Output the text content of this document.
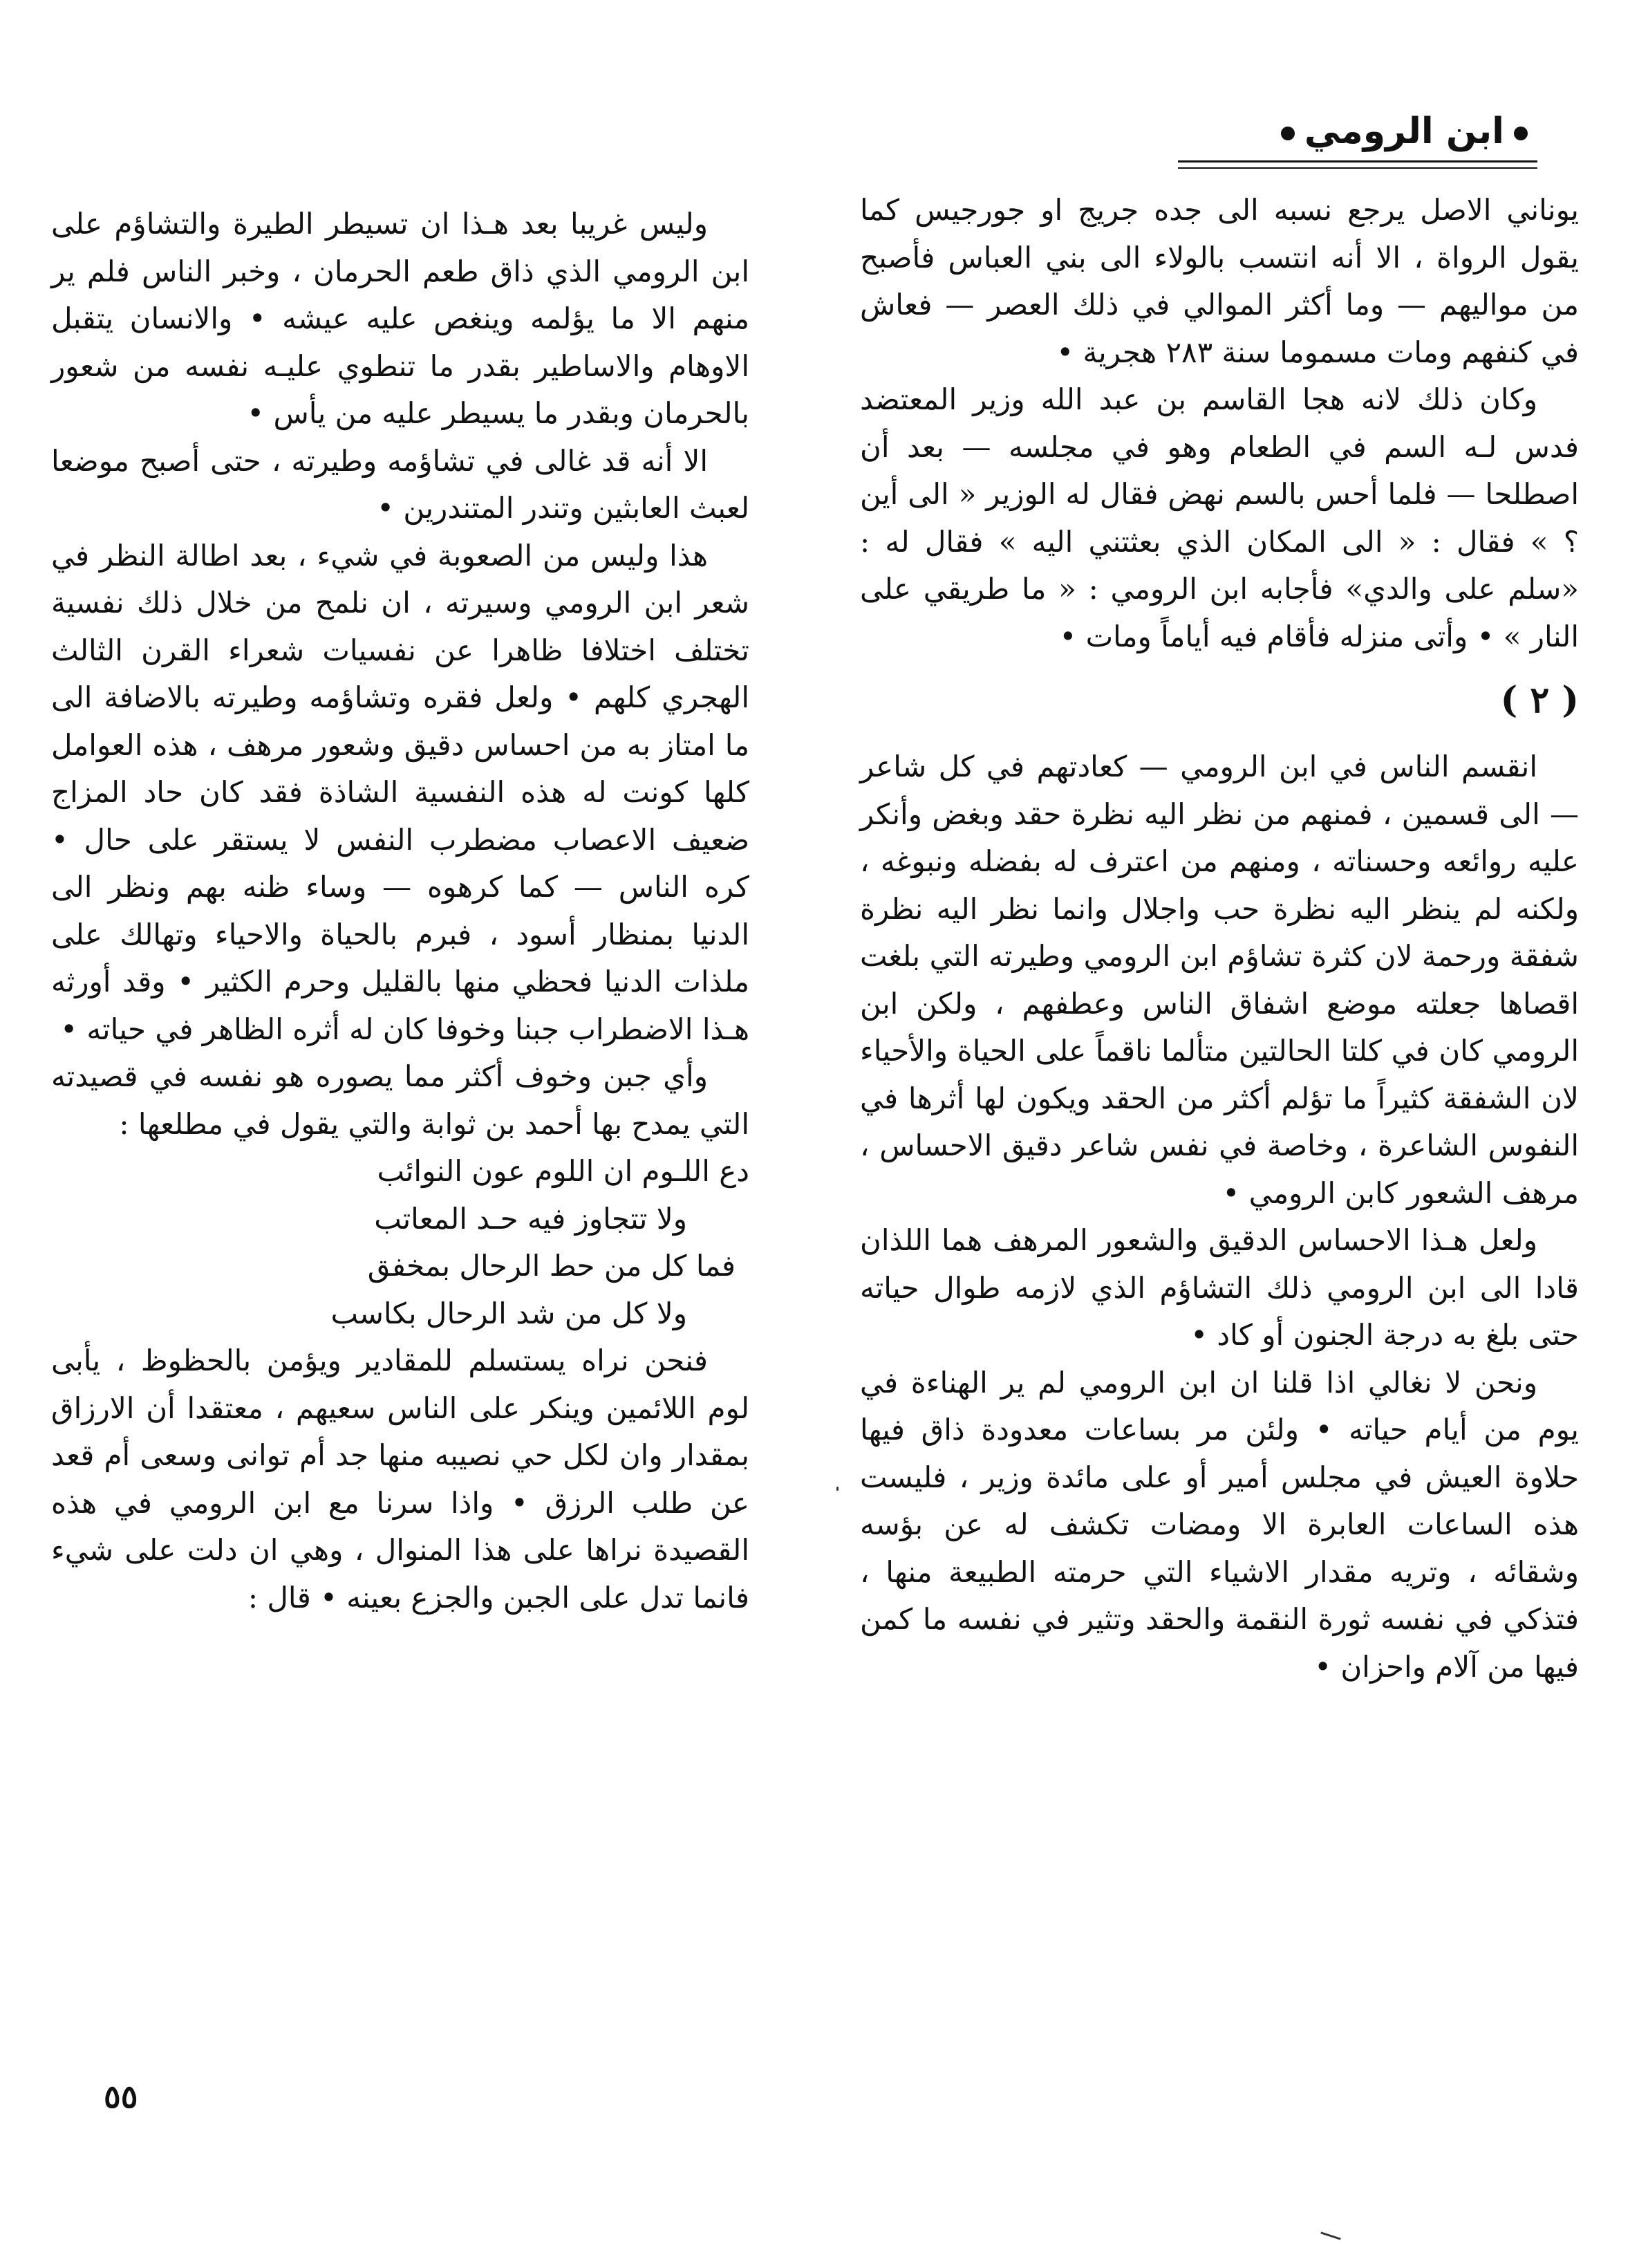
ابن الرومي

يوناني الاصل يرجع نسبه الى جده جريج او جورجيس كما يقول الرواة ، الا أنه انتسب بالولاء الى بني العباس فأصبح من مواليهم — وما أكثر الموالي في ذلك العصر — فعاش في كنفهم ومات مسموما سنة ٢٨٣ هجرية •

وكان ذلك لانه هجا القاسم بن عبد الله وزير المعتضد فدس لـه السم في الطعام وهو في مجلسه — بعد أن اصطلحا — فلما أحس بالسم نهض فقال له الوزير « الى أين ؟ » فقال : « الى المكان الذي بعثتني اليه » فقال له : «سلم على والدي» فأجابه ابن الرومي : « ما طريقي على النار » • وأتى منزله فأقام فيه أياماً ومات •

( ٢ )

انقسم الناس في ابن الرومي — كعادتهم في كل شاعر — الى قسمين ، فمنهم من نظر اليه نظرة حقد وبغض وأنكر عليه روائعه وحسناته ، ومنهم من اعترف له بفضله ونبوغه ، ولكنه لم ينظر اليه نظرة حب واجلال وانما نظر اليه نظرة شفقة ورحمة لان كثرة تشاؤم ابن الرومي وطيرته التي بلغت اقصاها جعلته موضع اشفاق الناس وعطفهم ، ولكن ابن الرومي كان في كلتا الحالتين متألما ناقماً على الحياة والأحياء لان الشفقة كثيراً ما تؤلم أكثر من الحقد ويكون لها أثرها في النفوس الشاعرة ، وخاصة في نفس شاعر دقيق الاحساس ، مرهف الشعور كابن الرومي •

ولعل هـذا الاحساس الدقيق والشعور المرهف هما اللذان قادا الى ابن الرومي ذلك التشاؤم الذي لازمه طوال حياته حتى بلغ به درجة الجنون أو كاد •

ونحن لا نغالي اذا قلنا ان ابن الرومي لم ير الهناءة في يوم من أيام حياته • ولئن مر بساعات معدودة ذاق فيها حلاوة العيش في مجلس أمير أو على مائدة وزير ، فليست هذه الساعات العابرة الا ومضات تكشف له عن بؤسه وشقائه ، وتريه مقدار الاشياء التي حرمته الطبيعة منها ، فتذكي في نفسه ثورة النقمة والحقد وتثير في نفسه ما كمن فيها من آلام واحزان •

وليس غريبا بعد هـذا ان تسيطر الطيرة والتشاؤم على ابن الرومي الذي ذاق طعم الحرمان ، وخبر الناس فلم ير منهم الا ما يؤلمه وينغص عليه عيشه • والانسان يتقبل الاوهام والاساطير بقدر ما تنطوي عليـه نفسه من شعور بالحرمان وبقدر ما يسيطر عليه من يأس •

الا أنه قد غالى في تشاؤمه وطيرته ، حتى أصبح موضعا لعبث العابثين وتندر المتندرين •

هذا وليس من الصعوبة في شيء ، بعد اطالة النظر في شعر ابن الرومي وسيرته ، ان نلمح من خلال ذلك نفسية تختلف اختلافا ظاهرا عن نفسيات شعراء القرن الثالث الهجري كلهم • ولعل فقره وتشاؤمه وطيرته بالاضافة الى ما امتاز به من احساس دقيق وشعور مرهف ، هذه العوامل كلها كونت له هذه النفسية الشاذة فقد كان حاد المزاج ضعيف الاعصاب مضطرب النفس لا يستقر على حال • كره الناس — كما كرهوه — وساء ظنه بهم ونظر الى الدنيا بمنظار أسود ، فبرم بالحياة والاحياء وتهالك على ملذات الدنيا فحظي منها بالقليل وحرم الكثير • وقد أورثه هـذا الاضطراب جبنا وخوفا كان له أثره الظاهر في حياته •

وأي جبن وخوف أكثر مما يصوره هو نفسه في قصيدته التي يمدح بها أحمد بن ثوابة والتي يقول في مطلعها :

دع اللـوم ان اللوم عون النوائب
ولا تتجاوز فيه حـد المعاتب
فما كل من حط الرحال بمخفق
ولا كل من شد الرحال بكاسب

فنحن نراه يستسلم للمقادير ويؤمن بالحظوظ ، يأبى لوم اللائمين وينكر على الناس سعيهم ، معتقدا أن الارزاق بمقدار وان لكل حي نصيبه منها جد أم توانى وسعى أم قعد عن طلب الرزق • واذا سرنا مع ابن الرومي في هذه القصيدة نراها على هذا المنوال ، وهي ان دلت على شيء فانما تدل على الجبن والجزع بعينه • قال :

٥٥
